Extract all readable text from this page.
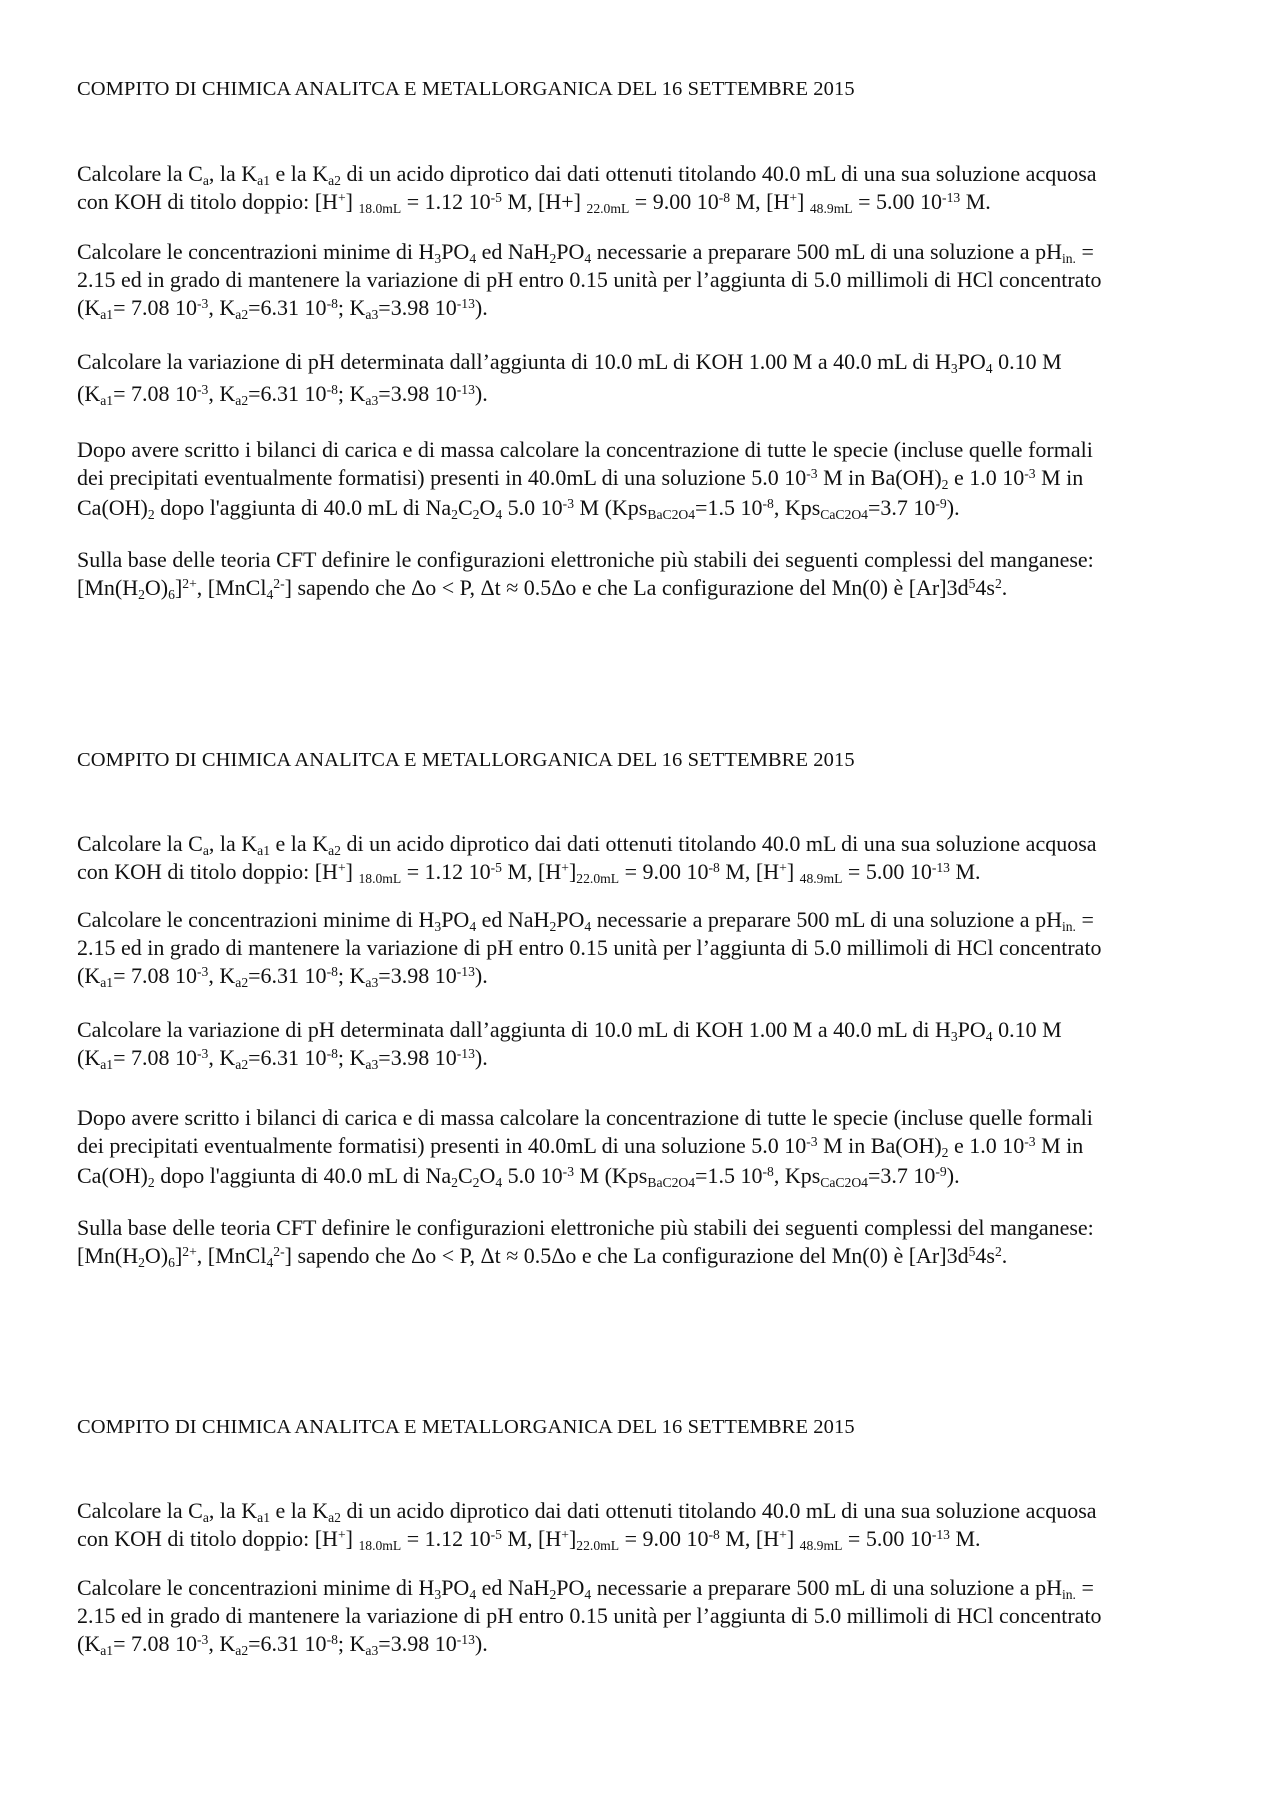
COMPITO DI CHIMICA ANALITCA E METALLORGANICA DEL 16 SETTEMBRE 2015

Calcolare la $C_a$, la $K_{a1}$ e la $K_{a2}$ di un acido diprotico dai dati ottenuti titolando 40.0 mL di una sua soluzione acquosa
con KOH di titolo doppio: [H+] $_{18.0mL}$ = 1.12 $10^{-5}$ M, [H+] $_{22.0mL}$ = 9.00 $10^{-8}$ M, [H+] $_{48.9mL}$ = 5.00 $10^{-13}$ M.

Calcolare le concentrazioni minime di $H_3PO_4$ ed $NaH_2PO_4$ necessarie a preparare 500 mL di una soluzione a $pH_{in.}$ =
2.15 ed in grado di mantenere la variazione di pH entro 0.15 unità per l’aggiunta di 5.0 millimoli di HCl concentrato
($K_{a1}= 7.08$ $10^{-3}$, $K_{a2}=6.31$ $10^{-8}$; $K_{a3}=3.98$ $10^{-13}$).

Calcolare la variazione di pH determinata dall’aggiunta di 10.0 mL di KOH 1.00 M a 40.0 mL di $H_3PO_4$ 0.10 M
($K_{a1}= 7.08$ $10^{-3}$, $K_{a2}=6.31$ $10^{-8}$; $K_{a3}=3.98$ $10^{-13}$).

Dopo avere scritto i bilanci di carica e di massa calcolare la concentrazione di tutte le specie (incluse quelle formali
dei precipitati eventualmente formatisi) presenti in 40.0mL di una soluzione 5.0 $10^{-3}$ M in $Ba(OH)_2$ e 1.0 $10^{-3}$ M in
$Ca(OH)_2$ dopo l'aggiunta di 40.0 mL di $Na_2C_2O_4$ 5.0 $10^{-3}$ M (Kps$_{BaC2O4}$=1.5 $10^{-8}$, Kps$_{CaC2O4}$=3.7 $10^{-9}$).

Sulla base delle teoria CFT definire le configurazioni elettroniche più stabili dei seguenti complessi del manganese:
$[Mn(H_2O)_6]^{2+}$, [MnCl$_4^{2-}$] sapendo che Δo < P, Δt ≈ 0.5Δo e che La configurazione del Mn(0) è $[Ar]3d^54s^2$.

COMPITO DI CHIMICA ANALITCA E METALLORGANICA DEL 16 SETTEMBRE 2015

Calcolare la $C_a$, la $K_{a1}$ e la $K_{a2}$ di un acido diprotico dai dati ottenuti titolando 40.0 mL di una sua soluzione acquosa
con KOH di titolo doppio: [H+] $_{18.0mL}$ = 1.12 $10^{-5}$ M, $[H^+]_{22.0mL} = 9.00$ $10^{-8}$ M, [H+] $_{48.9mL}$ = 5.00 $10^{-13}$ M.

Calcolare le concentrazioni minime di $H_3PO_4$ ed $NaH_2PO_4$ necessarie a preparare 500 mL di una soluzione a $pH_{in.}$ =
2.15 ed in grado di mantenere la variazione di pH entro 0.15 unità per l’aggiunta di 5.0 millimoli di HCl concentrato
($K_{a1}= 7.08$ $10^{-3}$, $K_{a2}=6.31$ $10^{-8}$; $K_{a3}=3.98$ $10^{-13}$).

Calcolare la variazione di pH determinata dall’aggiunta di 10.0 mL di KOH 1.00 M a 40.0 mL di $H_3PO_4$ 0.10 M
($K_{a1}= 7.08$ $10^{-3}$, $K_{a2}=6.31$ $10^{-8}$; $K_{a3}=3.98$ $10^{-13}$).

Dopo avere scritto i bilanci di carica e di massa calcolare la concentrazione di tutte le specie (incluse quelle formali
dei precipitati eventualmente formatisi) presenti in 40.0mL di una soluzione 5.0 $10^{-3}$ M in $Ba(OH)_2$ e 1.0 $10^{-3}$ M in
$Ca(OH)_2$ dopo l'aggiunta di 40.0 mL di $Na_2C_2O_4$ 5.0 $10^{-3}$ M (Kps$_{BaC2O4}$=1.5 $10^{-8}$, Kps$_{CaC2O4}$=3.7 $10^{-9}$).

Sulla base delle teoria CFT definire le configurazioni elettroniche più stabili dei seguenti complessi del manganese:
$[Mn(H_2O)_6]^{2+}$, [MnCl$_4^{2-}$] sapendo che Δo < P, Δt ≈ 0.5Δo e che La configurazione del Mn(0) è $[Ar]3d^54s^2$.

COMPITO DI CHIMICA ANALITCA E METALLORGANICA DEL 16 SETTEMBRE 2015

Calcolare la $C_a$, la $K_{a1}$ e la $K_{a2}$ di un acido diprotico dai dati ottenuti titolando 40.0 mL di una sua soluzione acquosa
con KOH di titolo doppio: [H+] $_{18.0mL}$ = 1.12 $10^{-5}$ M, $[H^+]_{22.0mL} = 9.00$ $10^{-8}$ M, [H+] $_{48.9mL}$ = 5.00 $10^{-13}$ M.

Calcolare le concentrazioni minime di $H_3PO_4$ ed $NaH_2PO_4$ necessarie a preparare 500 mL di una soluzione a $pH_{in.}$ =
2.15 ed in grado di mantenere la variazione di pH entro 0.15 unità per l’aggiunta di 5.0 millimoli di HCl concentrato
($K_{a1}= 7.08$ $10^{-3}$, $K_{a2}=6.31$ $10^{-8}$; $K_{a3}=3.98$ $10^{-13}$).
